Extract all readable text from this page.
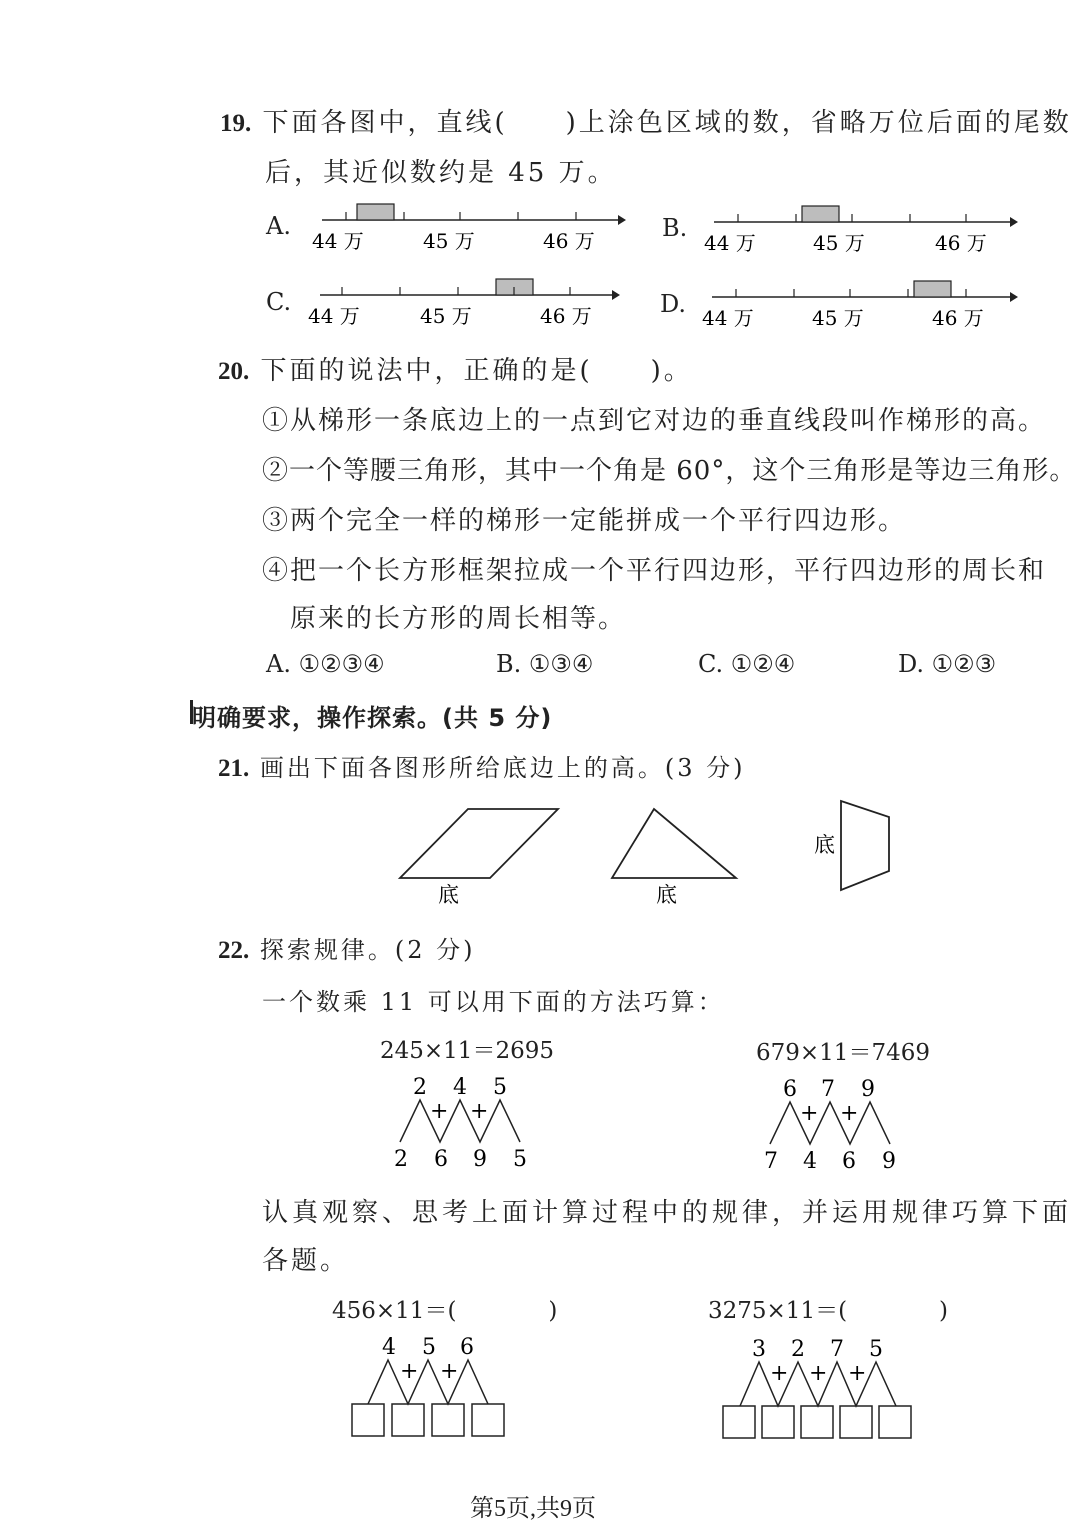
19. 下面各图中，直线(　　)上涂色区域的数，省略万位后面的尾数
后，其近似数约是 45 万。
A.
44 万	45 万	46 万	B.
44 万	45 万	46 万
C. 44 万	45 万	46 万	D. 44 万	45 万	46 万
20. 下面的说法中，正确的是(　　)。
①从梯形一条底边上的一点到它对边的垂直线段叫作梯形的高。
②一个等腰三角形，其中一个角是 60°，这个三角形是等边三角形。
③两个完全一样的梯形一定能拼成一个平行四边形。
④把一个长方形框架拉成一个平行四边形，平行四边形的周长和
原来的长方形的周长相等。
A. ①②③④	B. ①③④	C. ①②④	D. ①②③
明确要求，操作探索。(共 5 分)
21. 画出下面各图形所给底边上的高。(3 分)
底	底
底
22. 探索规律。(2 分)
一个数乘 11 可以用下面的方法巧算：
245×11＝2695
2 4 5
+ +
2 6 9 5
679×11＝7469
6 7 9
+ +
7 4 6 9
认真观察、思考上面计算过程中的规律，并运用规律巧算下面
各题。
456×11＝(　　　　)
4 5 6
+ +
3275×11＝(　　　　)
3 2 7 5
+ + +
第5页,共9页
